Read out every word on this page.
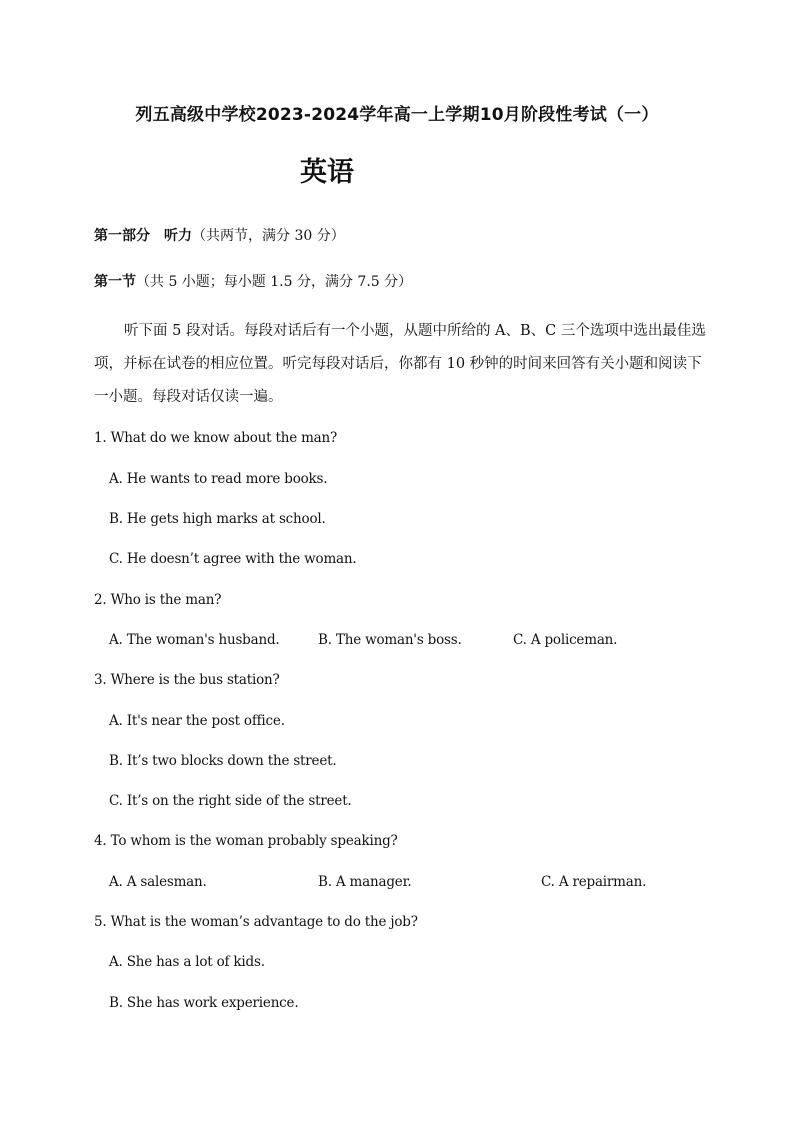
列五高级中学校2023-2024学年高一上学期10月阶段性考试（一）
英语
第一部分　听力（共两节，满分 30 分）
第一节（共 5 小题；每小题 1.5 分，满分 7.5 分）

听下面 5 段对话。每段对话后有一个小题，从题中所给的 A、B、C 三个选项中选出最佳选项，并标在试卷的相应位置。听完每段对话后，你都有 10 秒钟的时间来回答有关小题和阅读下一小题。每段对话仅读一遍。

1. What do we know about the man?
A. He wants to read more books.
B. He gets high marks at school.
C. He doesn’t agree with the woman.
2. Who is the man?
A. The woman's husband.	B. The woman's boss.	C. A policeman.
3. Where is the bus station?
A. It's near the post office.
B. It’s two blocks down the street.
C. It’s on the right side of the street.
4. To whom is the woman probably speaking?
A. A salesman.	B. A manager.	C. A repairman.
5. What is the woman’s advantage to do the job?
A. She has a lot of kids.
B. She has work experience.
